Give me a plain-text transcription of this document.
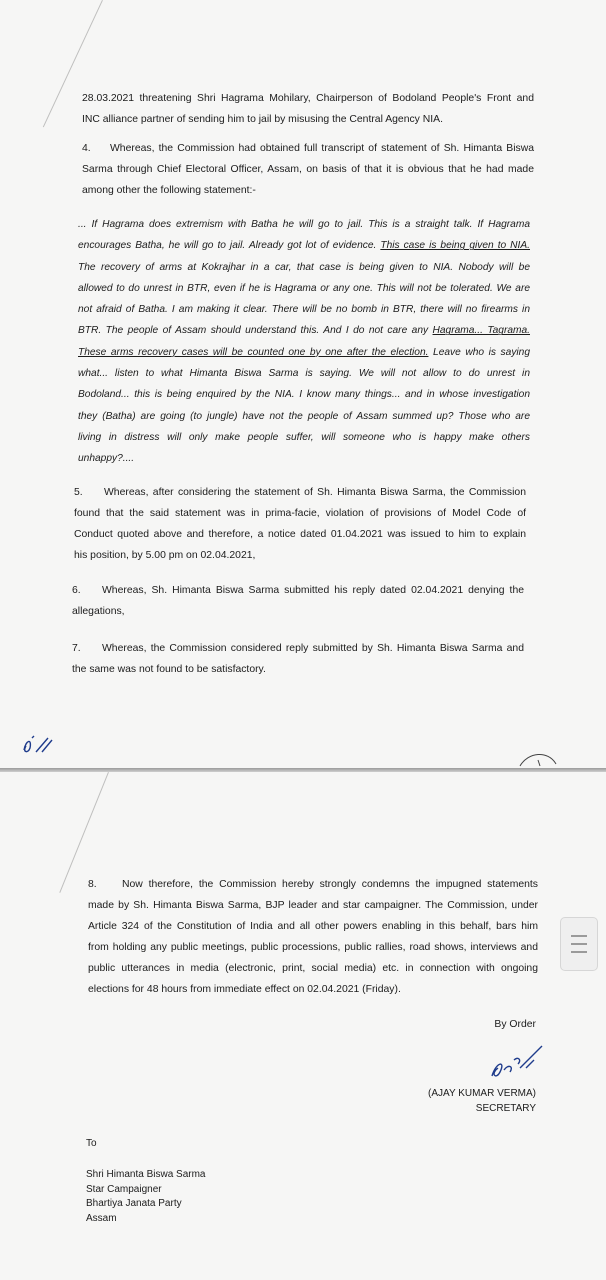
28.03.2021 threatening Shri Hagrama Mohilary, Chairperson of Bodoland People's Front and
INC alliance partner of sending him to jail by misusing the Central Agency NIA.
4. Whereas, the Commission had obtained full transcript of statement of Sh. Himanta Biswa
Sarma through Chief Electoral Officer, Assam, on basis of that it is obvious that he had made
among other the following statement:-
... If Hagrama does extremism with Batha he will go to jail. This is a straight talk. If Hagrama
encourages Batha, he will go to jail. Already got lot of evidence. This case is being given to NIA.
The recovery of arms at Kokrajhar in a car, that case is being given to NIA. Nobody will be
allowed to do unrest in BTR, even if he is Hagrama or any one. This will not be tolerated. We are
not afraid of Batha. I am making it clear. There will be no bomb in BTR, there will no firearms in
BTR. The people of Assam should understand this. And I do not care any Hagrama... Tagrama.
These arms recovery cases will be counted one by one after the election. Leave who is saying
what... listen to what Himanta Biswa Sarma is saying. We will not allow to do unrest in
Bodoland... this is being enquired by the NIA. I know many things... and in whose investigation
they (Batha) are going (to jungle) have not the people of Assam summed up? Those who are
living in distress will only make people suffer, will someone who is happy make others
unhappy?....
5. Whereas, after considering the statement of Sh. Himanta Biswa Sarma, the Commission
found that the said statement was in prima-facie, violation of provisions of Model Code of
Conduct quoted above and therefore, a notice dated 01.04.2021 was issued to him to explain
his position, by 5.00 pm on 02.04.2021,
6. Whereas, Sh. Himanta Biswa Sarma submitted his reply dated 02.04.2021 denying the
allegations,
7. Whereas, the Commission considered reply submitted by Sh. Himanta Biswa Sarma and
the same was not found to be satisfactory.
8. Now therefore, the Commission hereby strongly condemns the impugned statements
made by Sh. Himanta Biswa Sarma, BJP leader and star campaigner. The Commission, under
Article 324 of the Constitution of India and all other powers enabling in this behalf, bars him
from holding any public meetings, public processions, public rallies, road shows, interviews and
public utterances in media (electronic, print, social media) etc. in connection with ongoing
elections for 48 hours from immediate effect on 02.04.2021 (Friday).
By Order
(AJAY KUMAR VERMA)
SECRETARY
To
Shri Himanta Biswa Sarma
Star Campaigner
Bhartiya Janata Party
Assam
